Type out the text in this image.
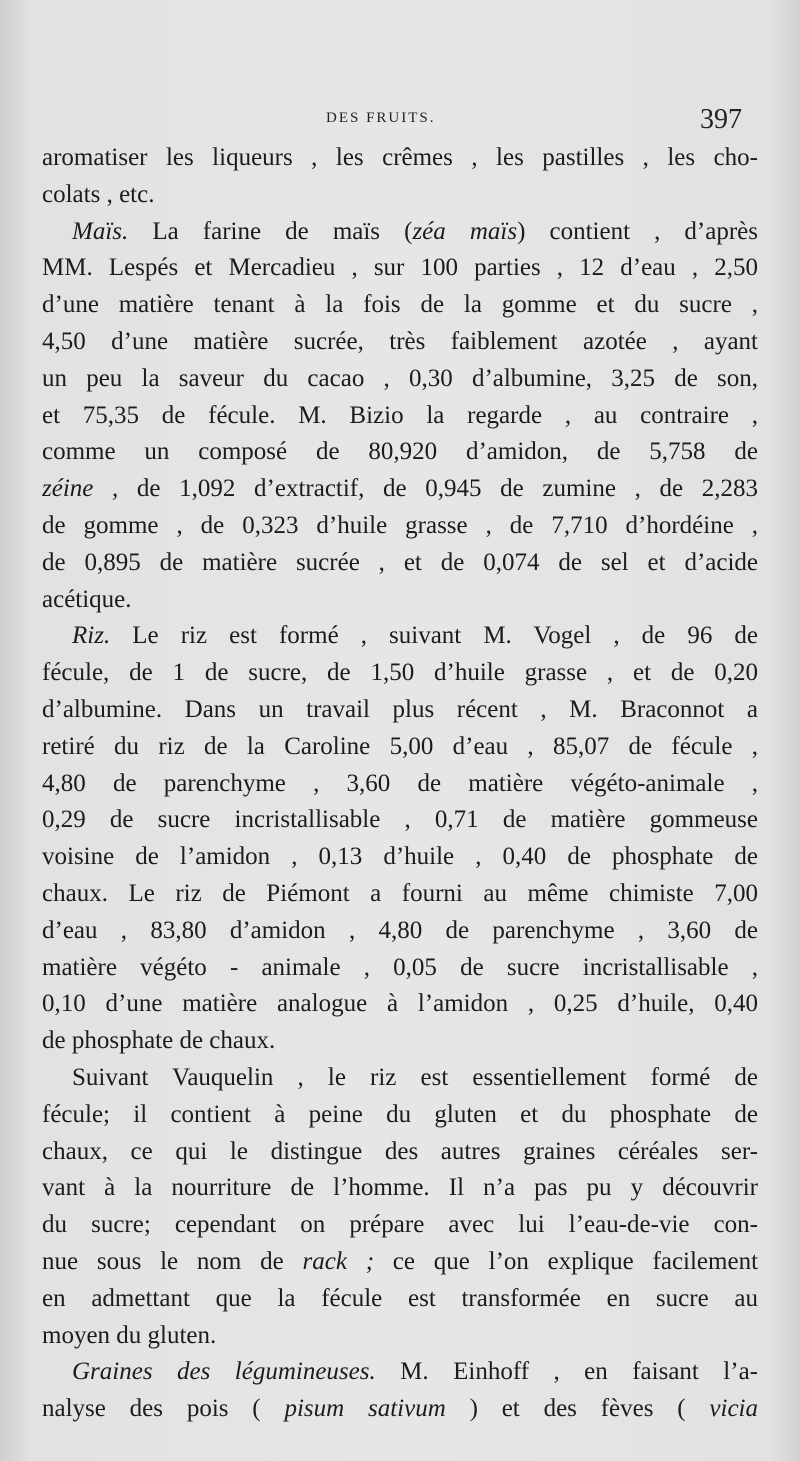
DES FRUITS.	397
aromatiser les liqueurs , les crêmes , les pastilles , les cho-
colats , etc.
Maïs. La farine de maïs (zéa maïs) contient , d’après
MM. Lespés et Mercadieu , sur 100 parties , 12 d’eau , 2,50
d’une matière tenant à la fois de la gomme et du sucre ,
4,50 d’une matière sucrée, très faiblement azotée , ayant
un peu la saveur du cacao , 0,30 d’albumine, 3,25 de son,
et 75,35 de fécule. M. Bizio la regarde , au contraire ,
comme un composé de 80,920 d’amidon, de 5,758 de
zéine , de 1,092 d’extractif, de 0,945 de zumine , de 2,283
de gomme , de 0,323 d’huile grasse , de 7,710 d’hordéine ,
de 0,895 de matière sucrée , et de 0,074 de sel et d’acide
acétique.
Riz. Le riz est formé , suivant M. Vogel , de 96 de
fécule, de 1 de sucre, de 1,50 d’huile grasse , et de 0,20
d’albumine. Dans un travail plus récent , M. Braconnot a
retiré du riz de la Caroline 5,00 d’eau , 85,07 de fécule ,
4,80 de parenchyme , 3,60 de matière végéto-animale ,
0,29 de sucre incristallisable , 0,71 de matière gommeuse
voisine de l’amidon , 0,13 d’huile , 0,40 de phosphate de
chaux. Le riz de Piémont a fourni au même chimiste 7,00
d’eau , 83,80 d’amidon , 4,80 de parenchyme , 3,60 de
matière végéto - animale , 0,05 de sucre incristallisable ,
0,10 d’une matière analogue à l’amidon , 0,25 d’huile, 0,40
de phosphate de chaux.
Suivant Vauquelin , le riz est essentiellement formé de
fécule; il contient à peine du gluten et du phosphate de
chaux, ce qui le distingue des autres graines céréales ser-
vant à la nourriture de l’homme. Il n’a pas pu y découvrir
du sucre; cependant on prépare avec lui l’eau-de-vie con-
nue sous le nom de rack ; ce que l’on explique facilement
en admettant que la fécule est transformée en sucre au
moyen du gluten.
Graines des légumineuses. M. Einhoff , en faisant l’a-
nalyse des pois ( pisum sativum ) et des fèves ( vicia
